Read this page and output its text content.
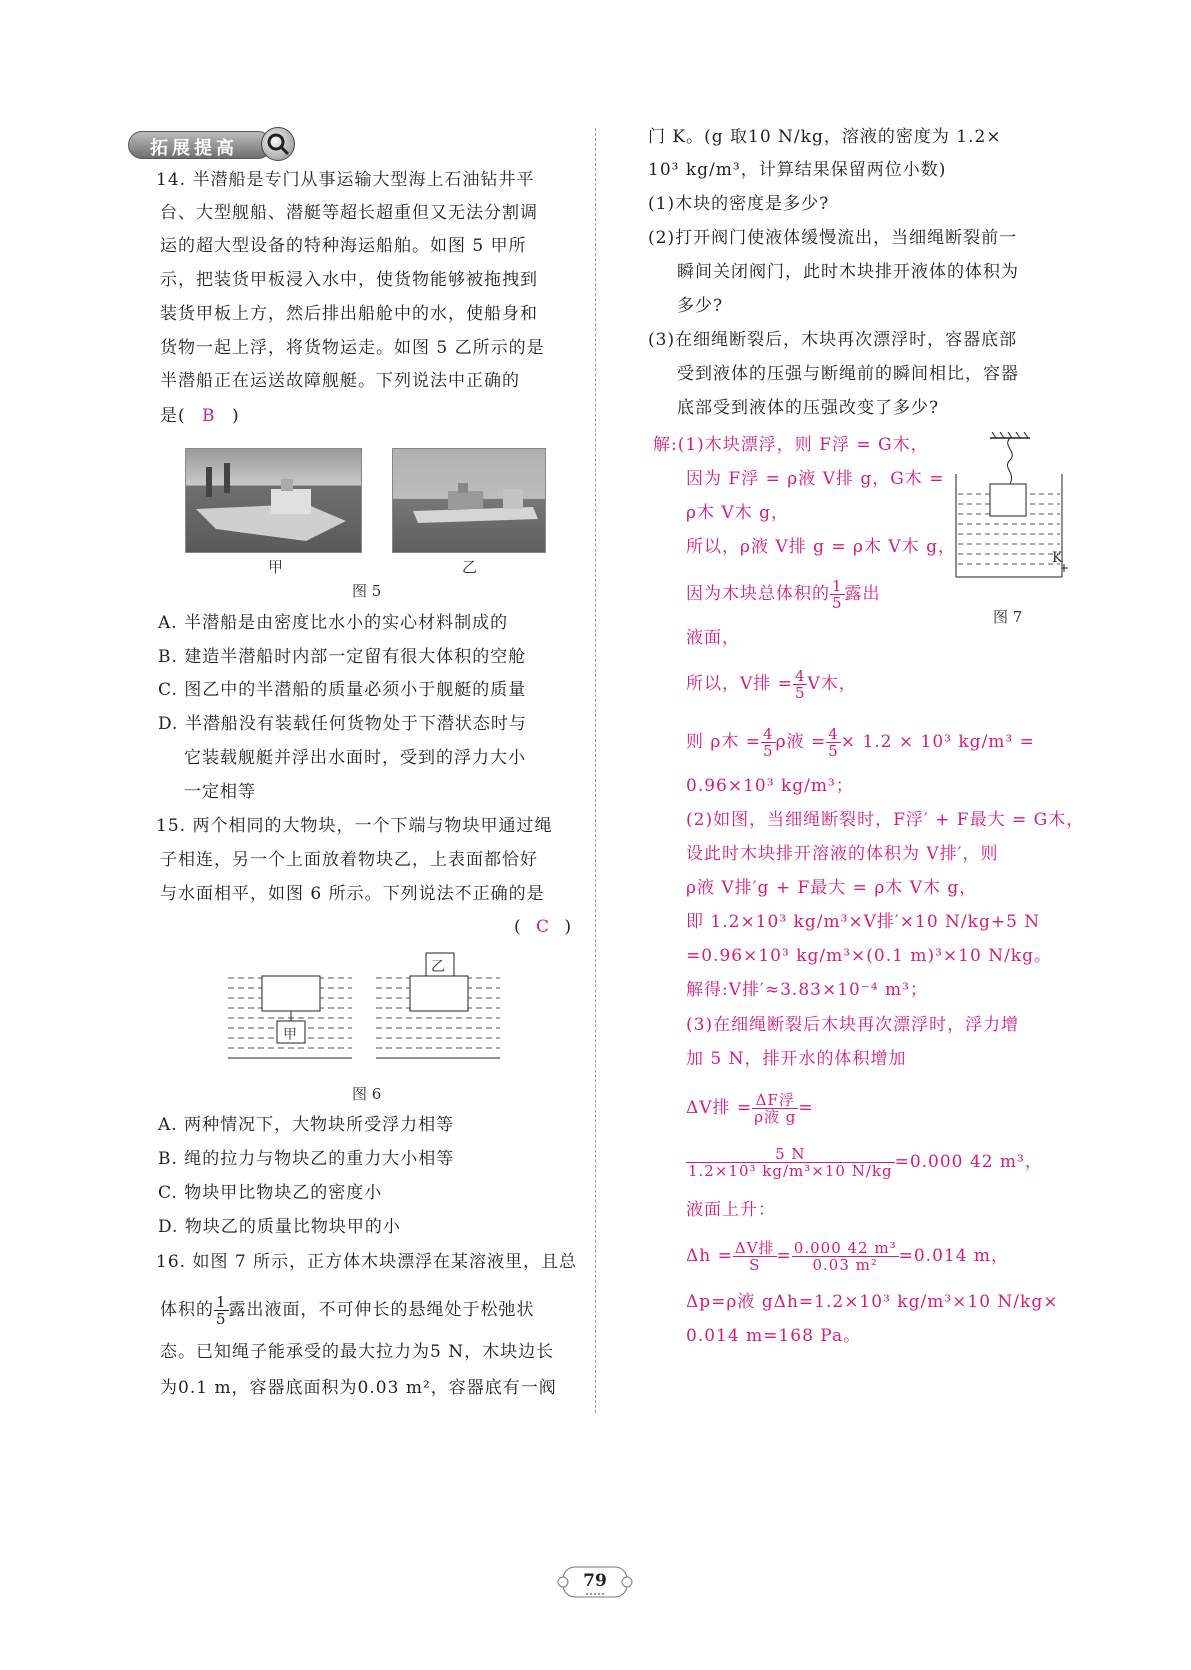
拓展提高
14. 半潜船是专门从事运输大型海上石油钻井平
台、大型舰船、潜艇等超长超重但又无法分割调
运的超大型设备的特种海运船舶。如图 5 甲所
示，把装货甲板浸入水中，使货物能够被拖拽到
装货甲板上方，然后排出船舱中的水，使船身和
货物一起上浮，将货物运走。如图 5 乙所示的是
半潜船正在运送故障舰艇。下列说法中正确的
是( B )
甲	乙
图 5
A. 半潜船是由密度比水小的实心材料制成的
B. 建造半潜船时内部一定留有很大体积的空舱
C. 图乙中的半潜船的质量必须小于舰艇的质量
D. 半潜船没有装载任何货物处于下潜状态时与
它装载舰艇并浮出水面时，受到的浮力大小
一定相等
15. 两个相同的大物块，一个下端与物块甲通过绳
子相连，另一个上面放着物块乙，上表面都恰好
与水面相平，如图 6 所示。下列说法不正确的是
( C )
甲
乙
图 6
A. 两种情况下，大物块所受浮力相等
B. 绳的拉力与物块乙的重力大小相等
C. 物块甲比物块乙的密度小
D. 物块乙的质量比物块甲的小
16. 如图 7 所示，正方体木块漂浮在某溶液里，且总
体积的 $\frac{1}{5}$ 露出液面，不可伸长的悬绳处于松弛状
态。已知绳子能承受的最大拉力为5 N，木块边长
为0.1 m，容器底面积为0.03 m²，容器底有一阀
门 K。(g 取10 N/kg，溶液的密度为 1.2×
10³ kg/m³，计算结果保留两位小数)
(1)木块的密度是多少?
(2)打开阀门使液体缓慢流出，当细绳断裂前一
瞬间关闭阀门，此时木块排开液体的体积为
多少?
(3)在细绳断裂后，木块再次漂浮时，容器底部
受到液体的压强与断绳前的瞬间相比，容器
底部受到液体的压强改变了多少?
K
图 7
解:(1)木块漂浮，则 F浮 = G木，
因为 F浮 = ρ液 V排 g，G木 =
ρ木 V木 g，
所以，ρ液 V排 g = ρ木 V木 g，
因为木块总体积的 $\frac{1}{5}$ 露出
液面，
所以，V排 = $\frac{4}{5}$ V木，
则 ρ木 = $\frac{4}{5}$ ρ液 = $\frac{4}{5} \times 1.2 \times 10^3$ kg/m³ =
0.96×10³ kg/m³；
(2)如图，当细绳断裂时，F浮′ + F最大 = G木，
设此时木块排开溶液的体积为 V排′，则
ρ液 V排′g + F最大 = ρ木 V木 g，
即 1.2×10³ kg/m³×V排′×10 N/kg+5 N
=0.96×10³ kg/m³×(0.1 m)³×10 N/kg。
解得:V排′≈3.83×10⁻⁴ m³；
(3)在细绳断裂后木块再次漂浮时，浮力增
加 5 N，排开水的体积增加
ΔV排 = $\frac{\text{ΔF浮}}{\text{ρ液 g}}$ =
$\frac{5 N}{\text{1.2×10³ kg/m³×10 N/kg}} =0.000$ 42 m³，
液面上升：
$\Delta h = \frac{\text{ΔV排}}{S} = \frac{\text{0.000 42 m³}}{\text{0.03 m²}} =0.014$ m，
Δp=ρ液 gΔh=1.2×10³ kg/m³×10 N/kg×
0.014 m=168 Pa。
79
